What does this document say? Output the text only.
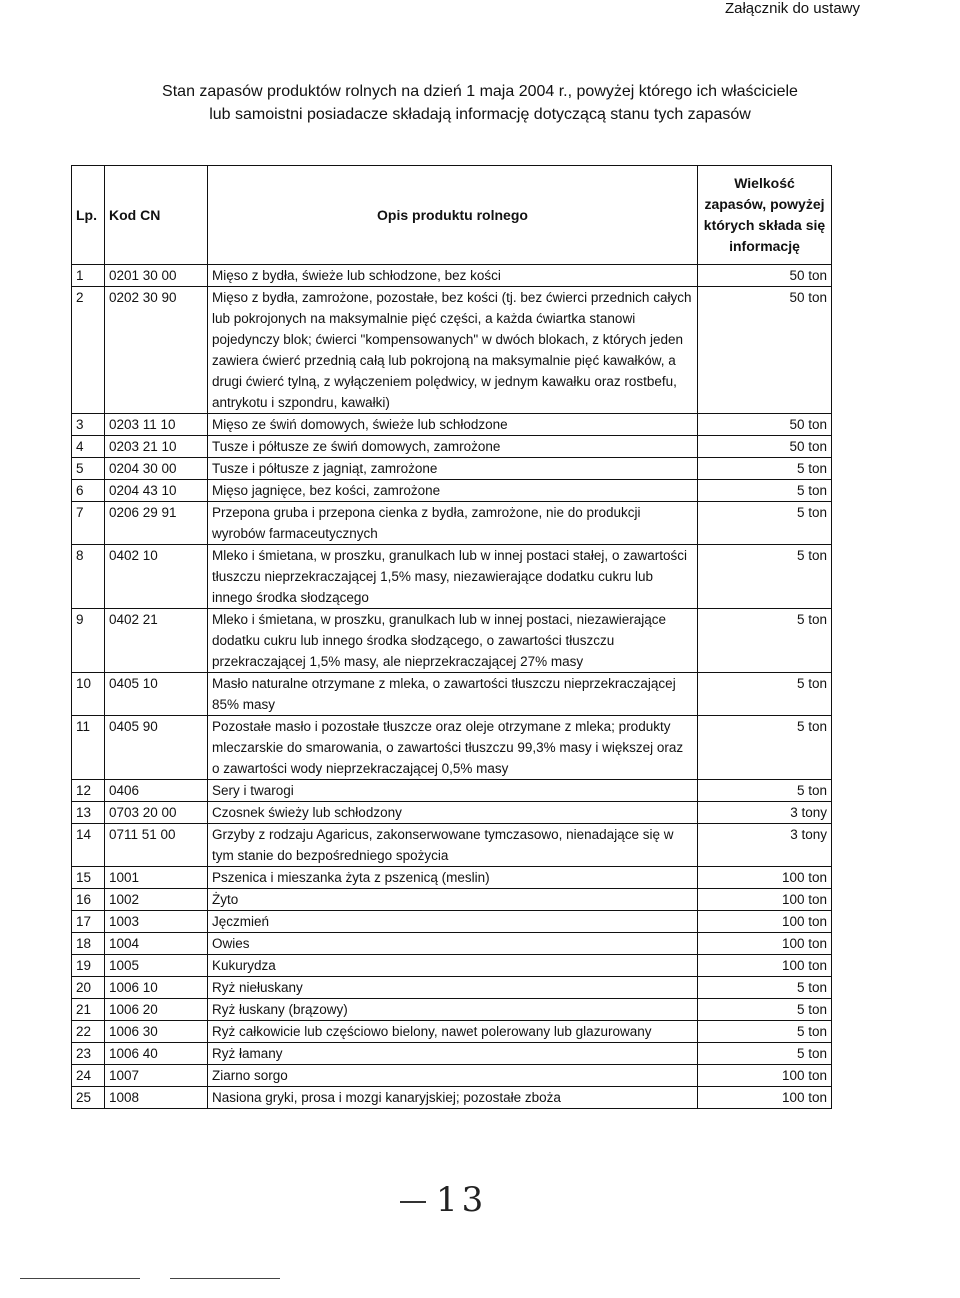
Załącznik do ustawy
Stan zapasów produktów rolnych na dzień 1 maja 2004 r., powyżej którego ich właściciele
lub samoistni posiadacze składają informację dotyczącą stanu tych zapasów
Lp.	Kod CN	Opis produktu rolnego	Wielkość zapasów, powyżej których składa się informację
1	0201 30 00	Mięso z bydła, świeże lub schłodzone, bez kości	50 ton
2	0202 30 90	Mięso z bydła, zamrożone, pozostałe, bez kości (tj. bez ćwierci przednich całych lub pokrojonych na maksymalnie pięć części, a każda ćwiartka stanowi pojedynczy blok; ćwierci "kompensowanych" w dwóch blokach, z których jeden zawiera ćwierć przednią całą lub pokrojoną na maksymalnie pięć kawałków, a drugi ćwierć tylną, z wyłączeniem polędwicy, w jednym kawałku oraz rostbefu, antrykotu i szpondru, kawałki)	50 ton
3	0203 11 10	Mięso ze świń domowych, świeże lub schłodzone	50 ton
4	0203 21 10	Tusze i półtusze ze świń domowych, zamrożone	50 ton
5	0204 30 00	Tusze i półtusze z jagniąt, zamrożone	5 ton
6	0204 43 10	Mięso jagnięce, bez kości, zamrożone	5 ton
7	0206 29 91	Przepona gruba i przepona cienka z bydła, zamrożone, nie do produkcji wyrobów farmaceutycznych	5 ton
8	0402 10	Mleko i śmietana, w proszku, granulkach lub w innej postaci stałej, o zawartości tłuszczu nieprzekraczającej 1,5% masy, niezawierające dodatku cukru lub innego środka słodzącego	5 ton
9	0402 21	Mleko i śmietana, w proszku, granulkach lub w innej postaci, niezawierające dodatku cukru lub innego środka słodzącego, o zawartości tłuszczu przekraczającej 1,5% masy, ale nieprzekraczającej 27% masy	5 ton
10	0405 10	Masło naturalne otrzymane z mleka, o zawartości tłuszczu nieprzekraczającej 85% masy	5 ton
11	0405 90	Pozostałe masło i pozostałe tłuszcze oraz oleje otrzymane z mleka; produkty mleczarskie do smarowania, o zawartości tłuszczu 99,3% masy i większej oraz o zawartości wody nieprzekraczającej 0,5% masy	5 ton
12	0406	Sery i twarogi	5 ton
13	0703 20 00	Czosnek świeży lub schłodzony	3 tony
14	0711 51 00	Grzyby z rodzaju Agaricus, zakonserwowane tymczasowo, nienadające się w tym stanie do bezpośredniego spożycia	3 tony
15	1001	Pszenica i mieszanka żyta z pszenicą (meslin)	100 ton
16	1002	Żyto	100 ton
17	1003	Jęczmień	100 ton
18	1004	Owies	100 ton
19	1005	Kukurydza	100 ton
20	1006 10	Ryż niełuskany	5 ton
21	1006 20	Ryż łuskany (brązowy)	5 ton
22	1006 30	Ryż całkowicie lub częściowo bielony, nawet polerowany lub glazurowany	5 ton
23	1006 40	Ryż łamany	5 ton
24	1007	Ziarno sorgo	100 ton
25	1008	Nasiona gryki, prosa i mozgi kanaryjskiej; pozostałe zboża	100 ton
13
